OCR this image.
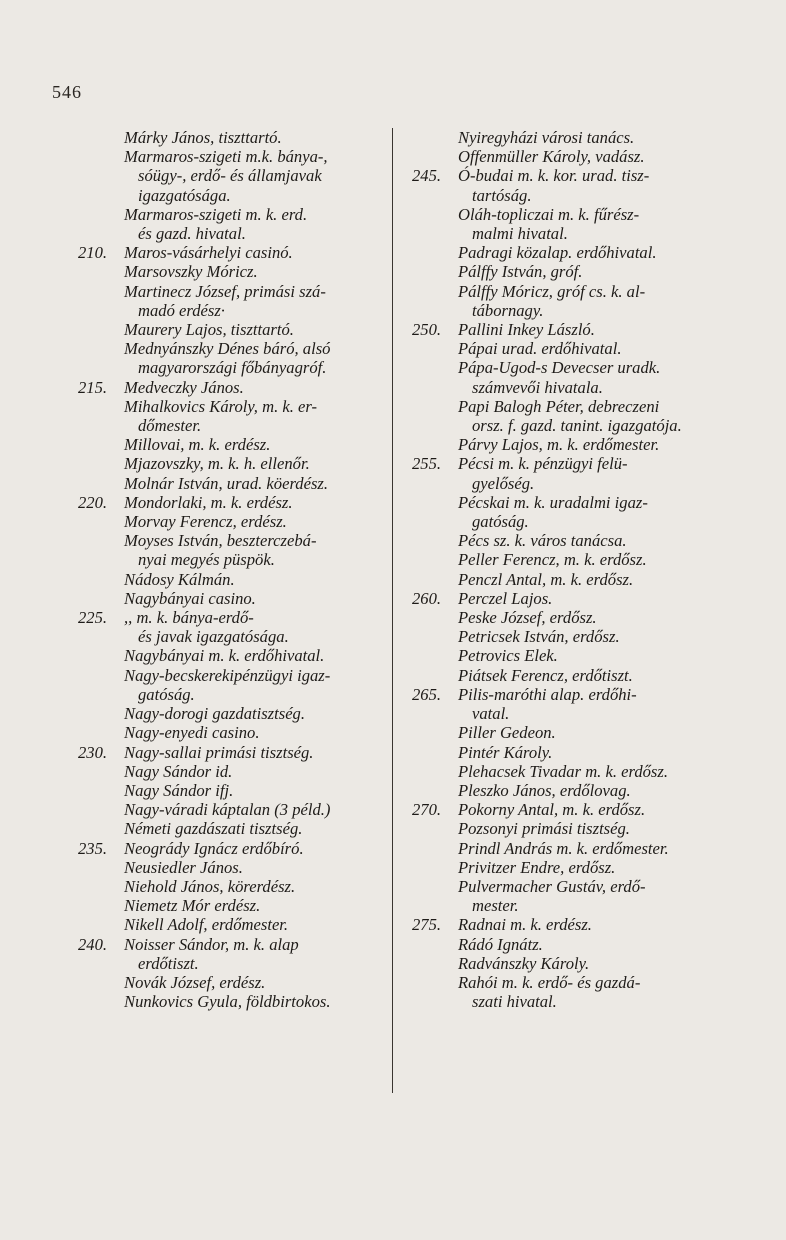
546
Márky János, tiszttartó.
Marmaros-szigeti m.k. bánya-,
sóügy-, erdő- és államjavak
igazgatósága.
Marmaros-szigeti m. k. erd.
és gazd. hivatal.
210. Maros-vásárhelyi casinó.
Marsovszky Móricz.
Martinecz József, primási szá-
madó erdész·
Maurery Lajos, tiszttartó.
Mednyánszky Dénes báró, alsó
magyarországi főbányagróf.
215. Medveczky János.
Mihalkovics Károly, m. k. er-
dőmester.
Millovai, m. k. erdész.
Mjazovszky, m. k. h. ellenőr.
Molnár István, urad. köerdész.
220. Mondorlaki, m. k. erdész.
Morvay Ferencz, erdész.
Moyses István, beszterczebá-
nyai megyés püspök.
Nádosy Kálmán.
Nagybányai casino.
225. ,, m. k. bánya-erdő-
és javak igazgatósága.
Nagybányai m. k. erdőhivatal.
Nagy-becskerekipénzügyi igaz-
gatóság.
Nagy-dorogi gazdatisztség.
Nagy-enyedi casino.
230. Nagy-sallai primási tisztség.
Nagy Sándor id.
Nagy Sándor ifj.
Nagy-váradi káptalan (3 péld.)
Németi gazdászati tisztség.
235. Neogrády Ignácz erdőbíró.
Neusiedler János.
Niehold János, körerdész.
Niemetz Mór erdész.
Nikell Adolf, erdőmester.
240. Noisser Sándor, m. k. alap
erdőtiszt.
Novák József, erdész.
Nunkovics Gyula, földbirtokos.
Nyiregyházi városi tanács.
Offenmüller Károly, vadász.
245. Ó-budai m. k. kor. urad. tisz-
tartóság.
Oláh-topliczai m. k. fűrész-
malmi hivatal.
Padragi közalap. erdőhivatal.
Pálffy István, gróf.
Pálffy Móricz, gróf cs. k. al-
tábornagy.
250. Pallini Inkey László.
Pápai urad. erdőhivatal.
Pápa-Ugod-s Devecser uradk.
számvevői hivatala.
Papi Balogh Péter, debreczeni
orsz. f. gazd. tanint. igazgatója.
Párvy Lajos, m. k. erdőmester.
255. Pécsi m. k. pénzügyi felü-
gyelőség.
Pécskai m. k. uradalmi igaz-
gatóság.
Pécs sz. k. város tanácsa.
Peller Ferencz, m. k. erdősz.
Penczl Antal, m. k. erdősz.
260. Perczel Lajos.
Peske József, erdősz.
Petricsek István, erdősz.
Petrovics Elek.
Piátsek Ferencz, erdőtiszt.
265. Pilis-maróthi alap. erdőhi-
vatal.
Piller Gedeon.
Pintér Károly.
Plehacsek Tivadar m. k. erdősz.
Pleszko János, erdőlovag.
270. Pokorny Antal, m. k. erdősz.
Pozsonyi primási tisztség.
Prindl András m. k. erdőmester.
Privitzer Endre, erdősz.
Pulvermacher Gustáv, erdő-
mester.
275. Radnai m. k. erdész.
Rádó Ignátz.
Radvánszky Károly.
Rahói m. k. erdő- és gazdá-
szati hivatal.
